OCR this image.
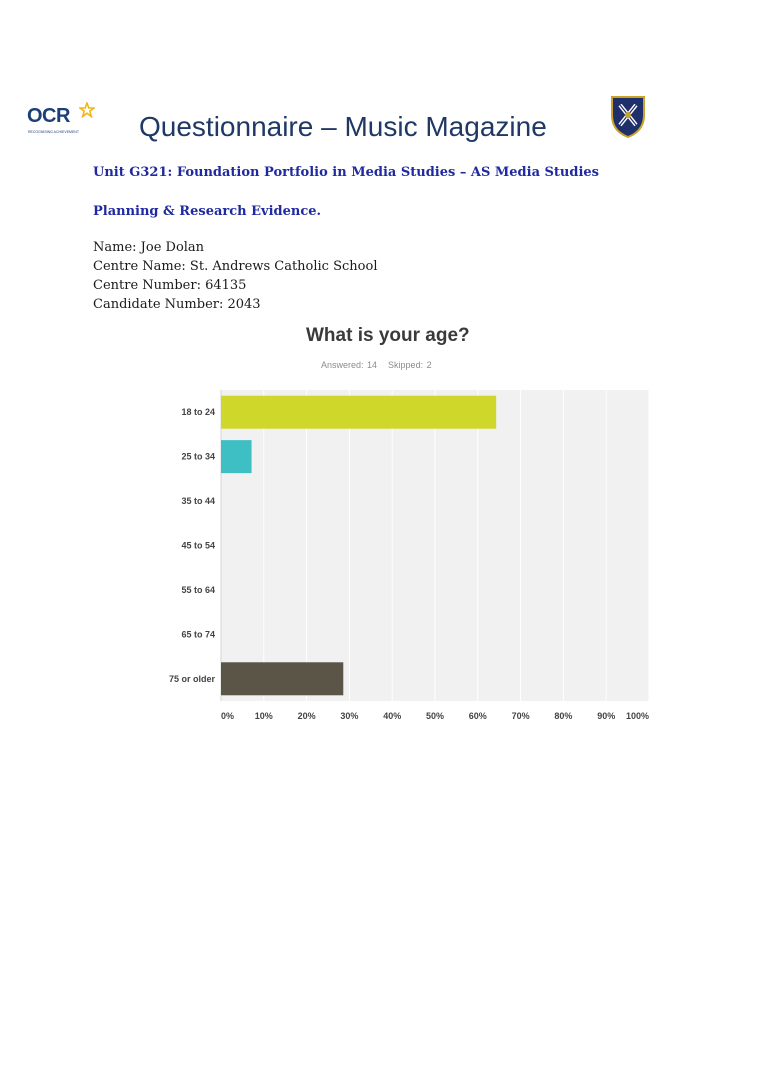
OCR
RECOGNISING ACHIEVEMENT Questionnaire – Music Magazine
Unit G321: Foundation Portfolio in Media Studies – AS Media Studies
Planning & Research Evidence.
Name: Joe Dolan
Centre Name: St. Andrews Catholic School
Centre Number: 64135
Candidate Number: 2043
What is your age?
Answered: 14 Skipped: 2
18 to 24
25 to 34
35 to 44
45 to 54
55 to 64
65 to 74
75 or older
0% 10%	20%	30%	40%	50%	60%	70%	80%	90% 100%
